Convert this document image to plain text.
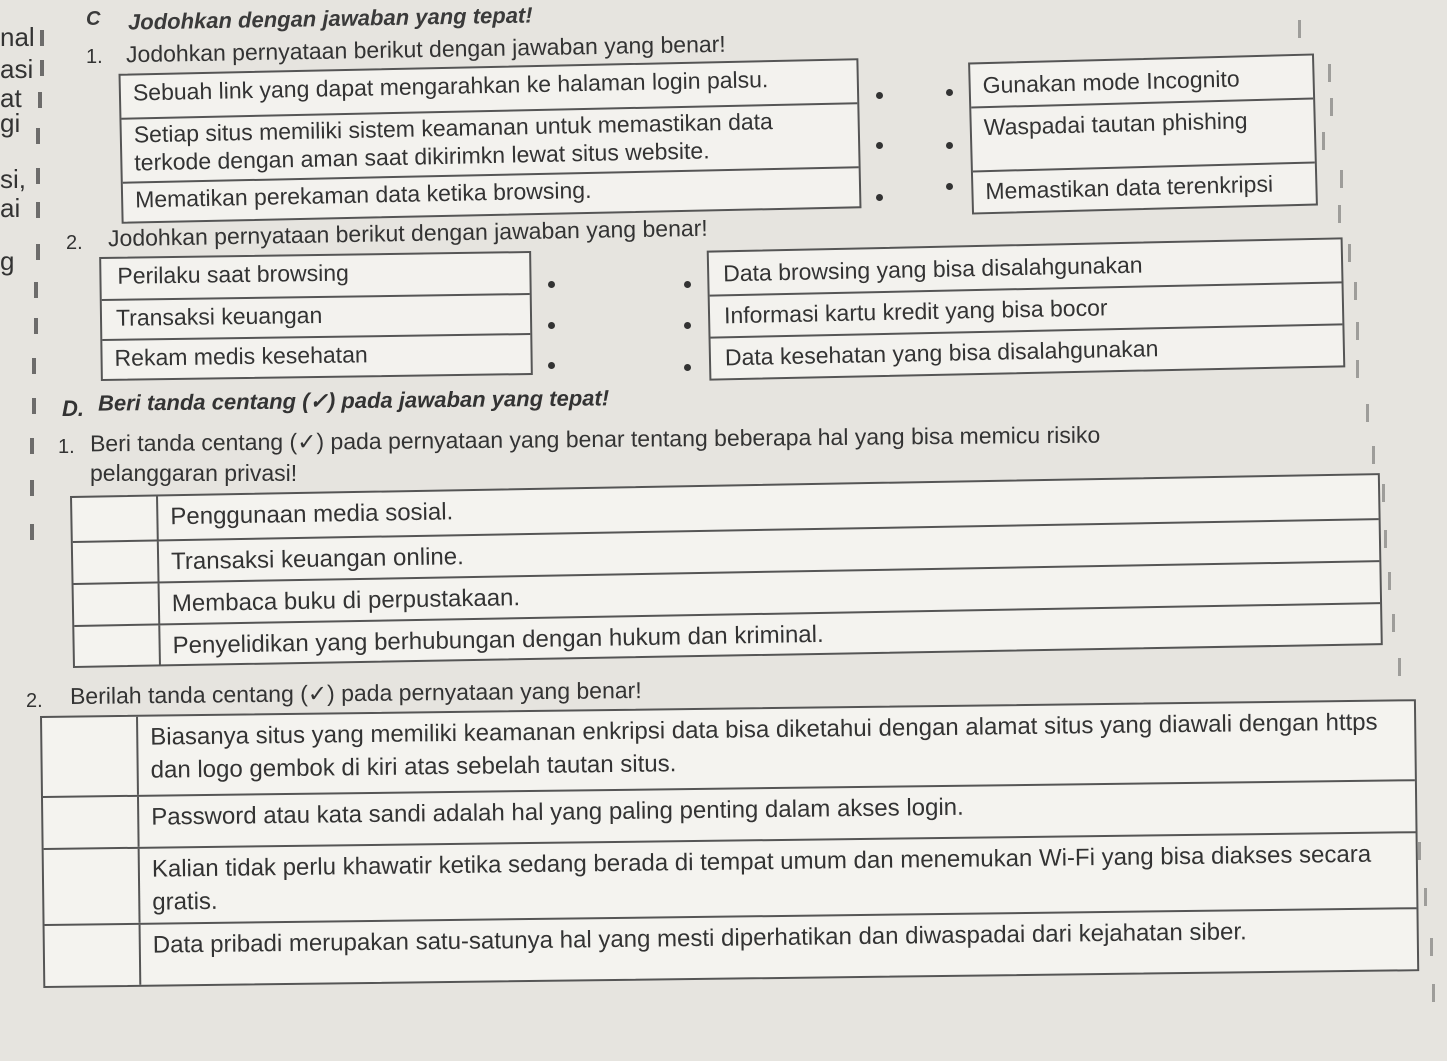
nal
asi
at
gi
si,
ai
g
C Jodohkan dengan jawaban yang tepat!
1. Jodohkan pernyataan berikut dengan jawaban yang benar!
Sebuah link yang dapat mengarahkan ke halaman login palsu.
Setiap situs memiliki sistem keamanan untuk memastikan data terkode dengan aman saat dikirimkn lewat situs website.
Mematikan perekaman data ketika browsing.
Gunakan mode Incognito
Waspadai tautan phishing
Memastikan data terenkripsi
2. Jodohkan pernyataan berikut dengan jawaban yang benar!
Perilaku saat browsing
Transaksi keuangan
Rekam medis kesehatan
Data browsing yang bisa disalahgunakan
Informasi kartu kredit yang bisa bocor
Data kesehatan yang bisa disalahgunakan
D. Beri tanda centang (✓) pada jawaban yang tepat!
1. Beri tanda centang (✓) pada pernyataan yang benar tentang beberapa hal yang bisa memicu risiko
pelanggaran privasi!
Penggunaan media sosial.
Transaksi keuangan online.
Membaca buku di perpustakaan.
Penyelidikan yang berhubungan dengan hukum dan kriminal.
2. Berilah tanda centang (✓) pada pernyataan yang benar!
Biasanya situs yang memiliki keamanan enkripsi data bisa diketahui dengan alamat situs yang diawali dengan https dan logo gembok di kiri atas sebelah tautan situs.
Password atau kata sandi adalah hal yang paling penting dalam akses login.
Kalian tidak perlu khawatir ketika sedang berada di tempat umum dan menemukan Wi-Fi yang bisa diakses secara gratis.
Data pribadi merupakan satu-satunya hal yang mesti diperhatikan dan diwaspadai dari kejahatan siber.
